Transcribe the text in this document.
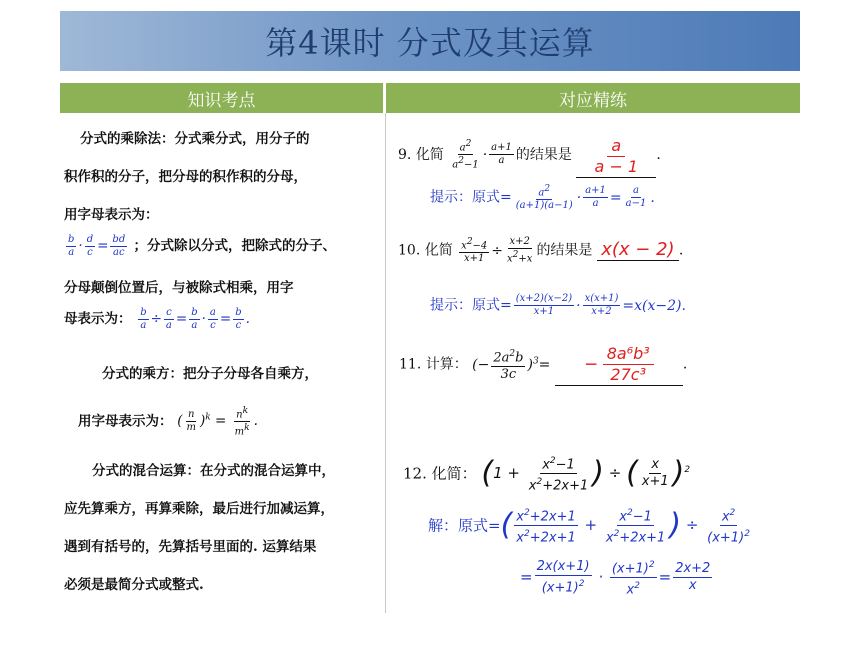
第4课时 分式及其运算
知识考点	对应精练
分式的乘除法：分式乘分式，用分子的
积作积的分子，把分母的积作积的分母，
用字母表示为：
$\frac{b}{a} \cdot \frac{d}{c} = \frac{bd}{ac}$ ；分式除以分式，把除式的分子、
分母颠倒位置后，与被除式相乘，用字
母表示为： $\frac{b}{a} \div \frac{c}{a} = \frac{b}{a} \cdot \frac{a}{c} = \frac{b}{c}$ .
分式的乘方：把分子分母各自乘方，
用字母表示为： ( $\frac{n}{m} )^k = \frac{nk}{mk}$ .
分式的混合运算：在分式的混合运算中，
应先算乘方，再算乘除，最后进行加减运算，
遇到有括号的，先算括号里面的. 运算结果
必须是最简分式或整式.
9. 化简 $\frac{a2}{a2-1} \cdot \frac{a+1}{a}$ 的结果是 $\frac{a}{a - 1}$ .
提示：原式= $\frac{a2}{(a+1)(a-1)} \cdot \frac{a+1}{a} = \frac{a}{a-1}$ .
10. 化简 $\frac{x2-4}{x+1} \div \frac{x+2}{x2+x}$ 的结果是 x(x − 2) .
提示：原式= $\frac{(x+2)(x-2)}{x+1} \cdot \frac{x(x+1)}{x+2} =x(x-2)$.
11. 计算： (− $\frac{2a^2b}{3c} )^3= - \frac{\text{8a⁶b³}}{\text{27c³}}$ .
12. 化简： ($1 + \frac{x^2-1}{x^2+2x+1}$ ) ÷ ( $\frac{x}{x+1} )^2$
解：原式=( $\frac{x^2+2x+1}{x^2+2x+1} + \frac{x^2-1}{x^2+2x+1}$ ) ÷ $\frac{x^2}{(x+1)^2}$
= $\frac{2x(x+1)}{(x+1)^2} \cdot \frac{(x+1)^2}{x^2} = \frac{2x+2}{x}$
